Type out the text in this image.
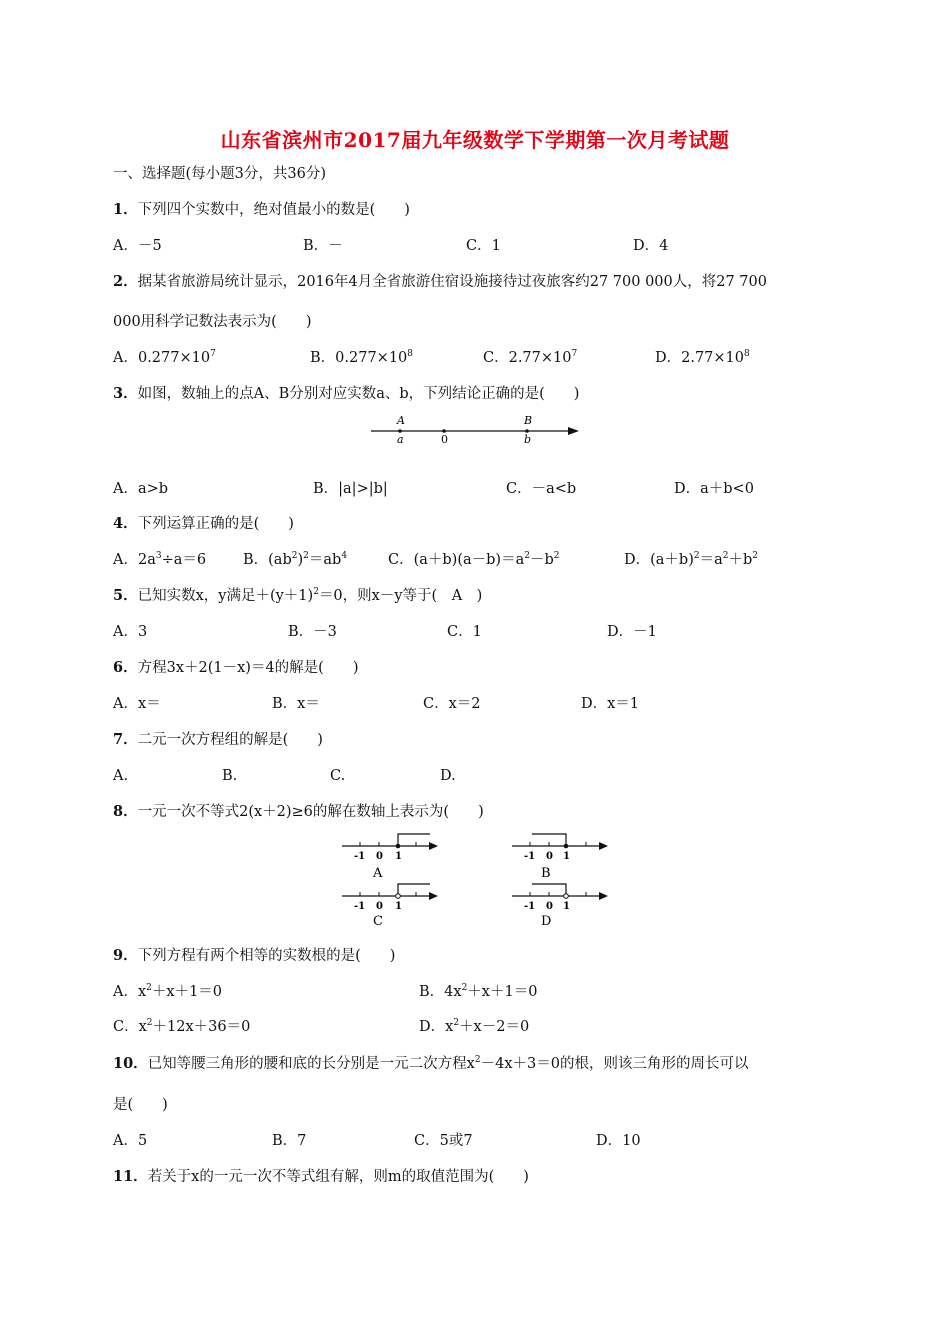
山东省滨州市2017届九年级数学下学期第一次月考试题
一、选择题(每小题3分，共36分)
1．下列四个实数中，绝对值最小的数是(　　)
A．－5	B．－	C．1	D．4
2．据某省旅游局统计显示，2016年4月全省旅游住宿设施接待过夜旅客约27 700 000人，将27 700
000用科学记数法表示为(　　)
A．$0.277\times 10^7$	B．$0.277\times 10^8$	C．$2.77\times 10^7$	D．$2.77\times 10^8$
3．如图，数轴上的点A、B分别对应实数a、b，下列结论正确的是(　　)
A
a	0
B
b
A．a>b	B．|a|>|b|	C．－a<b	D．a＋b<0
4．下列运算正确的是(　　)
A．$2a^3\div a=6$	B．$(ab^2)^2=ab^4$	C．$(a+b)(a-b)=a^2-b^2$	D．$(a+b)^2=a^2+b^2$
5．已知实数x，y满足$+(y+1)^2=0$，则x－y等于(　A　)
A．3	B．－3	C．1	D．－1
6．方程3x＋2(1－x)＝4的解是(　　)
A．x＝	B．x＝	C．x＝2	D．x＝1
7．二元一次方程组的解是(　　)
A.	B.	C.	D.
8．一元一次不等式2(x＋2)≥6的解在数轴上表示为(　　)
-1 0 1
A
-1 0 1
B
-1 0 1
C
-1 0 1
D
9．下列方程有两个相等的实数根的是(　　)
A．$x^2+x+1=0$	B．$4x^2+x+1=0$
C．$x^2+12x+36=0$	D．$x^2+x-2=0$
10．已知等腰三角形的腰和底的长分别是一元二次方程$x^2-4x+3=0$的根，则该三角形的周长可以
是(　　)
A．5	B．7	C．5或7	D．10
11．若关于x的一元一次不等式组有解，则m的取值范围为(　　)
